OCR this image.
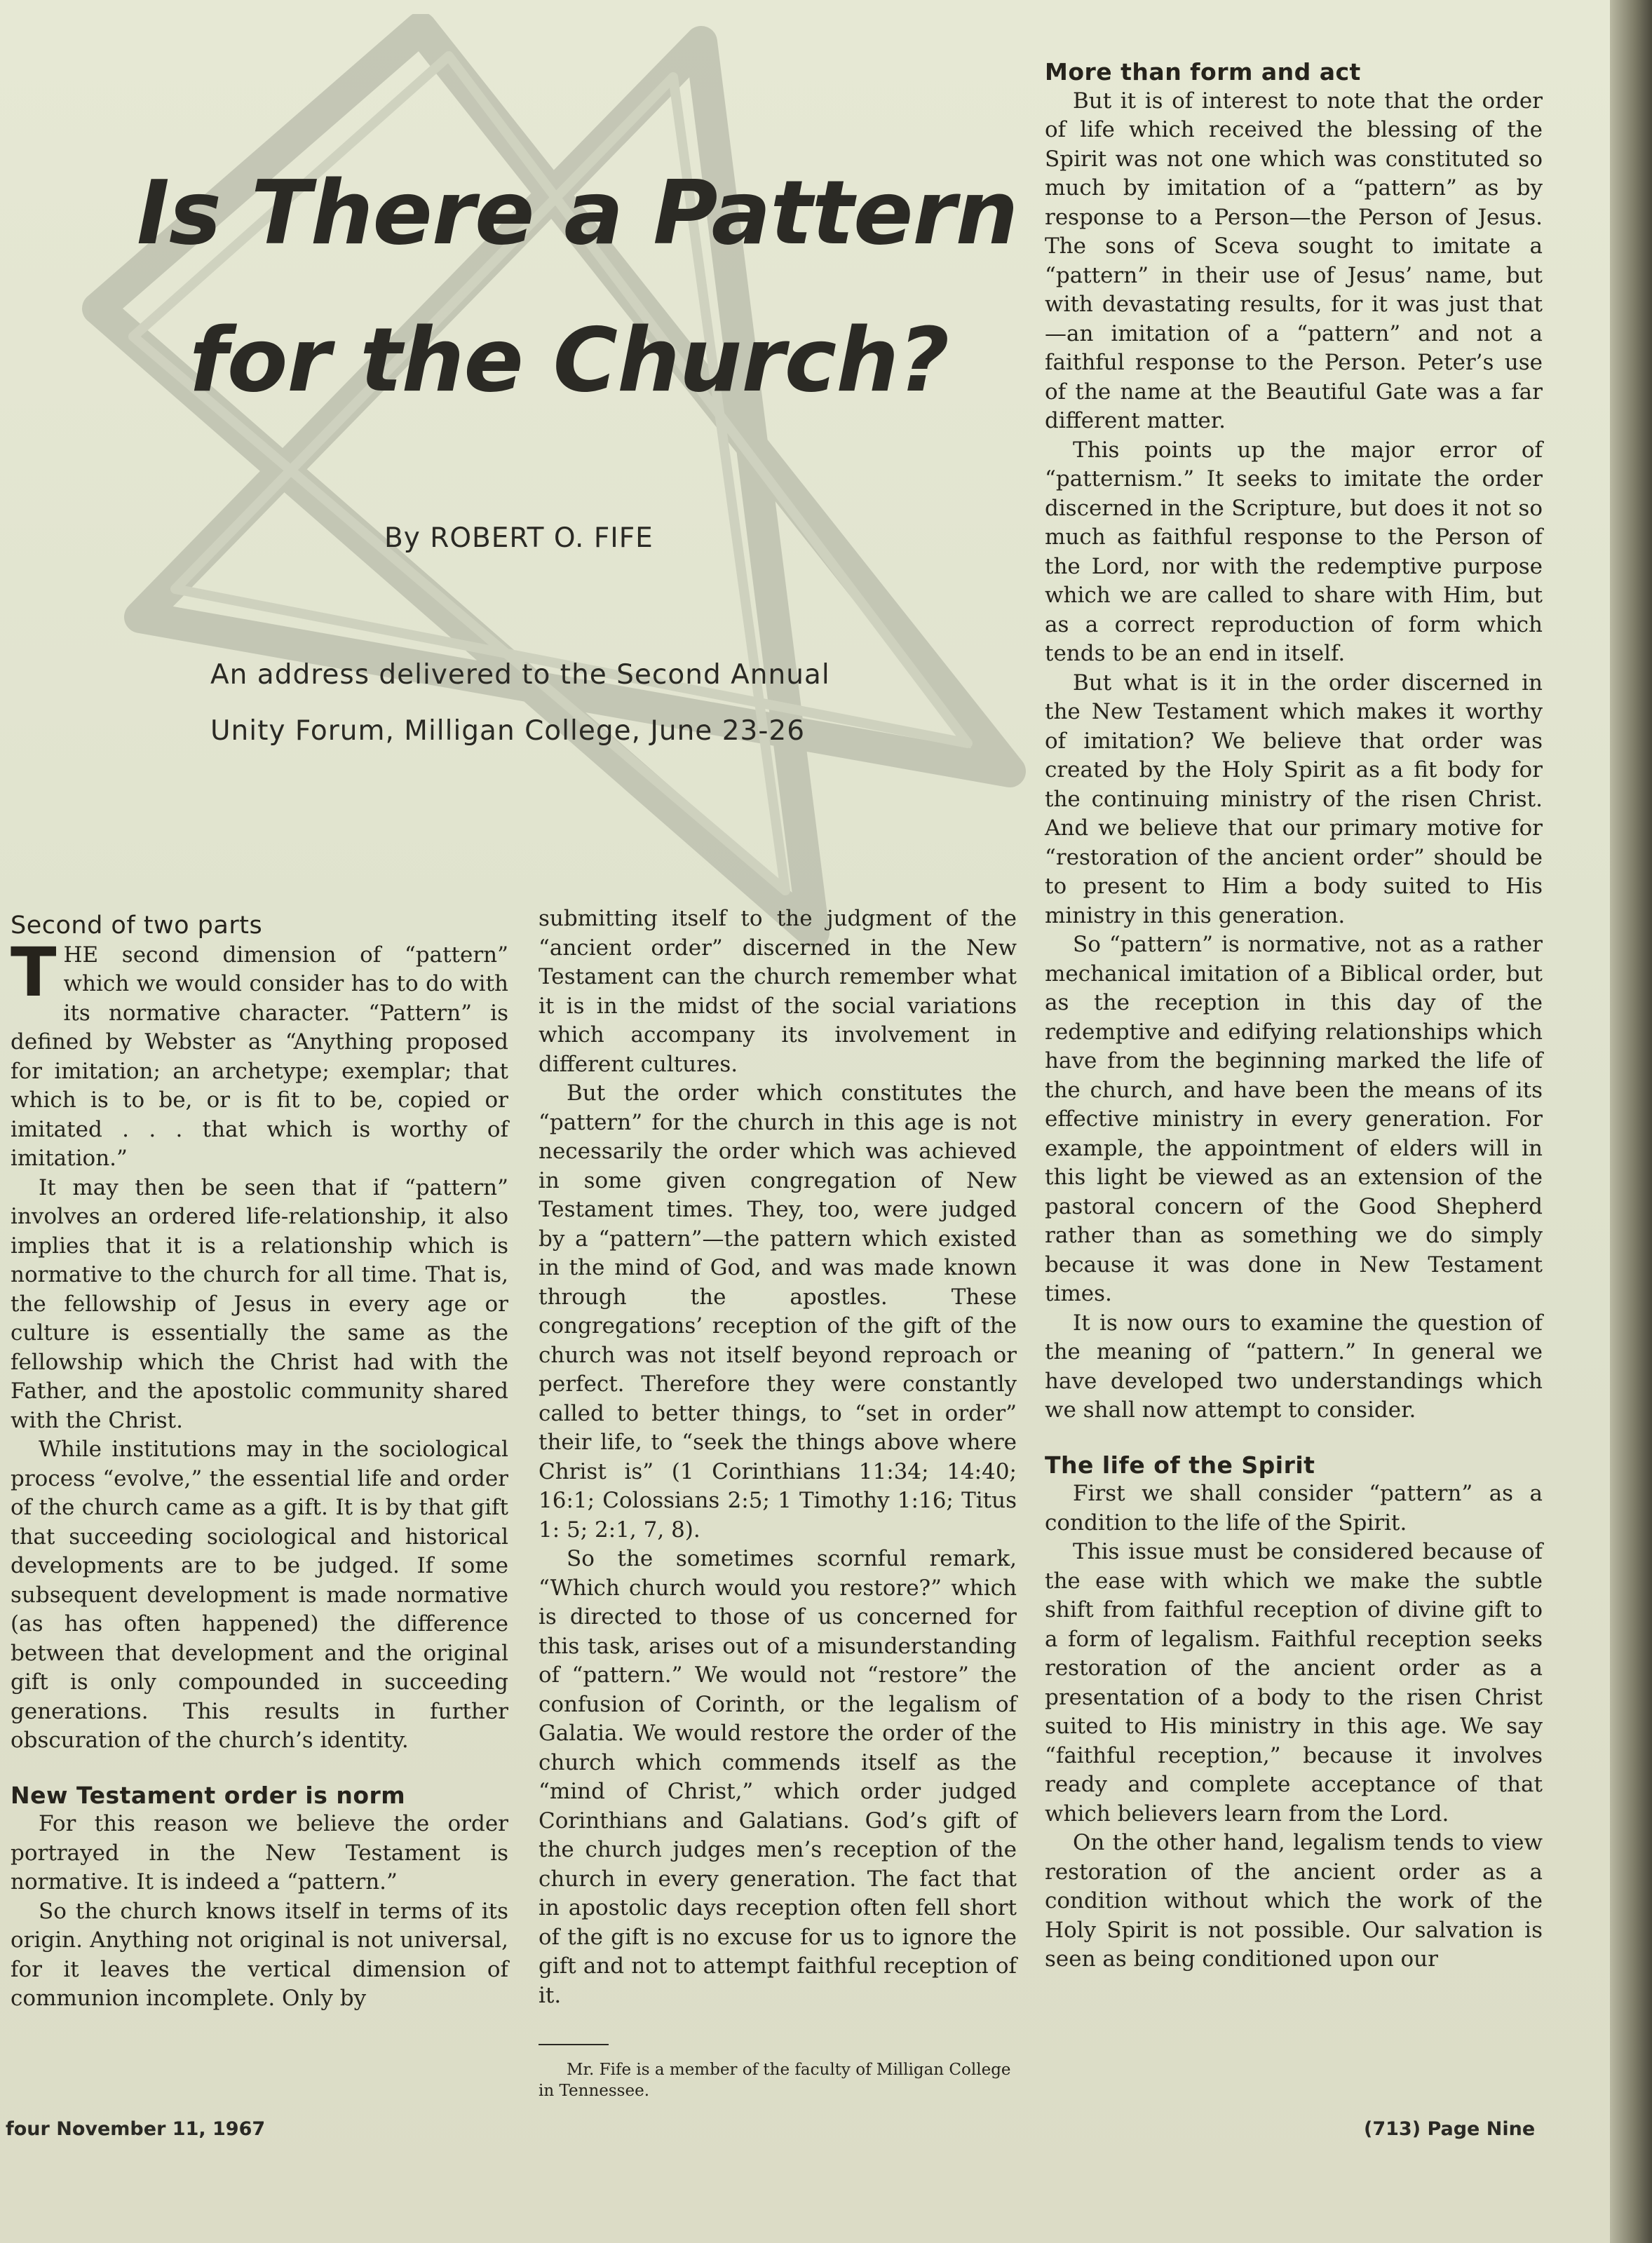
Is There a Pattern
for the Church?

By ROBERT O. FIFE

An address delivered to the Second Annual

Unity Forum, Milligan College, June 23-26

Second of two parts

THE second dimension of “pattern” which we would consider has to do with its normative character. “Pattern” is defined by Webster as “Anything proposed for imitation; an archetype; exemplar; that which is to be, or is fit to be, copied or imitated . . . that which is worthy of imitation.”

It may then be seen that if “pattern” involves an ordered life-relationship, it also implies that it is a relationship which is normative to the church for all time. That is, the fellowship of Jesus in every age or culture is essentially the same as the fellowship which the Christ had with the Father, and the apostolic community shared with the Christ.

While institutions may in the sociological process “evolve,” the essential life and order of the church came as a gift. It is by that gift that succeeding sociological and historical developments are to be judged. If some subsequent development is made normative (as has often happened) the difference between that development and the original gift is only compounded in succeeding generations. This results in further obscuration of the church’s identity.

New Testament order is norm

For this reason we believe the order portrayed in the New Testament is normative. It is indeed a “pattern.”

So the church knows itself in terms of its origin. Anything not original is not universal, for it leaves the vertical dimension of communion incomplete. Only by

submitting itself to the judgment of the “ancient order” discerned in the New Testament can the church remember what it is in the midst of the social variations which accompany its involvement in different cultures.

But the order which constitutes the “pattern” for the church in this age is not necessarily the order which was achieved in some given congregation of New Testament times. They, too, were judged by a “pattern”—the pattern which existed in the mind of God, and was made known through the apostles. These congregations’ reception of the gift of the church was not itself beyond reproach or perfect. Therefore they were constantly called to better things, to “set in order” their life, to “seek the things above where Christ is” (1 Corinthians 11:34; 14:40; 16:1; Colossians 2:5; 1 Timothy 1:16; Titus 1: 5; 2:1, 7, 8).

So the sometimes scornful remark, “Which church would you restore?” which is directed to those of us concerned for this task, arises out of a misunderstanding of “pattern.” We would not “restore” the confusion of Corinth, or the legalism of Galatia. We would restore the order of the church which commends itself as the “mind of Christ,” which order judged Corinthians and Galatians. God’s gift of the church judges men’s reception of the church in every generation. The fact that in apostolic days reception often fell short of the gift is no excuse for us to ignore the gift and not to attempt faithful reception of it.

Mr. Fife is a member of the faculty of Milligan College in Tennessee.

More than form and act

But it is of interest to note that the order of life which received the blessing of the Spirit was not one which was constituted so much by imitation of a “pattern” as by response to a Person—the Person of Jesus. The sons of Sceva sought to imitate a “pattern” in their use of Jesus’ name, but with devastating results, for it was just that—an imitation of a “pattern” and not a faithful response to the Person. Peter’s use of the name at the Beautiful Gate was a far different matter.

This points up the major error of “patternism.” It seeks to imitate the order discerned in the Scripture, but does it not so much as faithful response to the Person of the Lord, nor with the redemptive purpose which we are called to share with Him, but as a correct reproduction of form which tends to be an end in itself.

But what is it in the order discerned in the New Testament which makes it worthy of imitation? We believe that order was created by the Holy Spirit as a fit body for the continuing ministry of the risen Christ. And we believe that our primary motive for “restoration of the ancient order” should be to present to Him a body suited to His ministry in this generation.

So “pattern” is normative, not as a rather mechanical imitation of a Biblical order, but as the reception in this day of the redemptive and edifying relationships which have from the beginning marked the life of the church, and have been the means of its effective ministry in every generation. For example, the appointment of elders will in this light be viewed as an extension of the pastoral concern of the Good Shepherd rather than as something we do simply because it was done in New Testament times.

It is now ours to examine the question of the meaning of “pattern.” In general we have developed two understandings which we shall now attempt to consider.

The life of the Spirit

First we shall consider “pattern” as a condition to the life of the Spirit.

This issue must be considered because of the ease with which we make the subtle shift from faithful reception of divine gift to a form of legalism. Faithful reception seeks restoration of the ancient order as a presentation of a body to the risen Christ suited to His ministry in this age. We say “faithful reception,” because it involves ready and complete acceptance of that which believers learn from the Lord.

On the other hand, legalism tends to view restoration of the ancient order as a condition without which the work of the Holy Spirit is not possible. Our salvation is seen as being conditioned upon our

four November 11, 1967	(713) Page Nine
